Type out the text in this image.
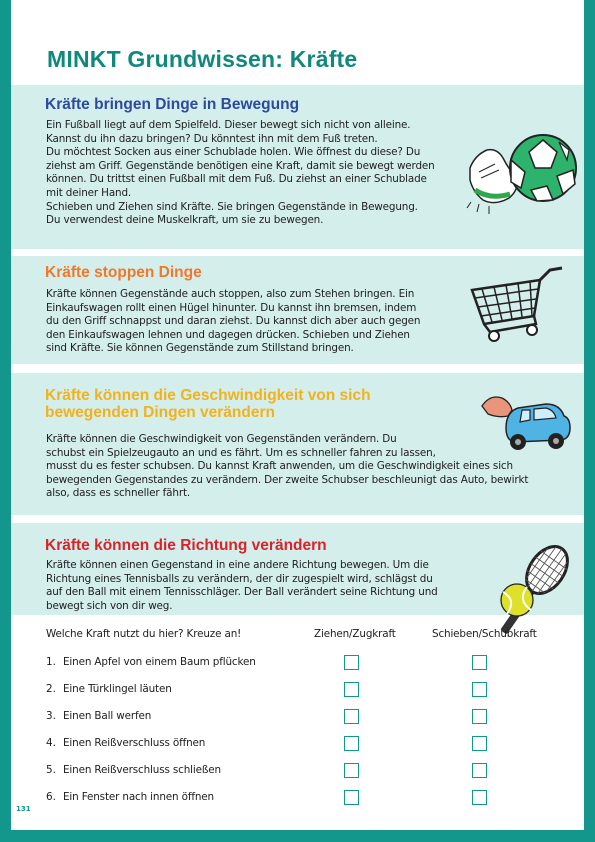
MINKT Grundwissen: Kräfte
Kräfte bringen Dinge in Bewegung
Ein Fußball liegt auf dem Spielfeld. Dieser bewegt sich nicht von alleine.
Kannst du ihn dazu bringen? Du könntest ihn mit dem Fuß treten.
Du möchtest Socken aus einer Schublade holen. Wie öffnest du diese? Du
ziehst am Griff. Gegenstände benötigen eine Kraft, damit sie bewegt werden
können. Du trittst einen Fußball mit dem Fuß. Du ziehst an einer Schublade
mit deiner Hand.
Schieben und Ziehen sind Kräfte. Sie bringen Gegenstände in Bewegung.
Du verwendest deine Muskelkraft, um sie zu bewegen.
Kräfte stoppen Dinge
Kräfte können Gegenstände auch stoppen, also zum Stehen bringen. Ein
Einkaufswagen rollt einen Hügel hinunter. Du kannst ihn bremsen, indem
du den Griff schnappst und daran ziehst. Du kannst dich aber auch gegen
den Einkaufswagen lehnen und dagegen drücken. Schieben und Ziehen
sind Kräfte. Sie können Gegenstände zum Stillstand bringen.
Kräfte können die Geschwindigkeit von sich
bewegenden Dingen verändern
Kräfte können die Geschwindigkeit von Gegenständen verändern. Du
schubst ein Spielzeugauto an und es fährt. Um es schneller fahren zu lassen,
musst du es fester schubsen. Du kannst Kraft anwenden, um die Geschwindigkeit eines sich
bewegenden Gegenstandes zu verändern. Der zweite Schubser beschleunigt das Auto, bewirkt
also, dass es schneller fährt.
Kräfte können die Richtung verändern
Kräfte können einen Gegenstand in eine andere Richtung bewegen. Um die
Richtung eines Tennisballs zu verändern, der dir zugespielt wird, schlägst du
auf den Ball mit einem Tennisschläger. Der Ball verändert seine Richtung und
bewegt sich von dir weg.
Welche Kraft nutzt du hier? Kreuze an!	Ziehen/Zugkraft	Schieben/Schubkraft
1. Einen Apfel von einem Baum pflücken
2. Eine Türklingel läuten
3. Einen Ball werfen
4. Einen Reißverschluss öffnen
5. Einen Reißverschluss schließen
6. Ein Fenster nach innen öffnen
131
